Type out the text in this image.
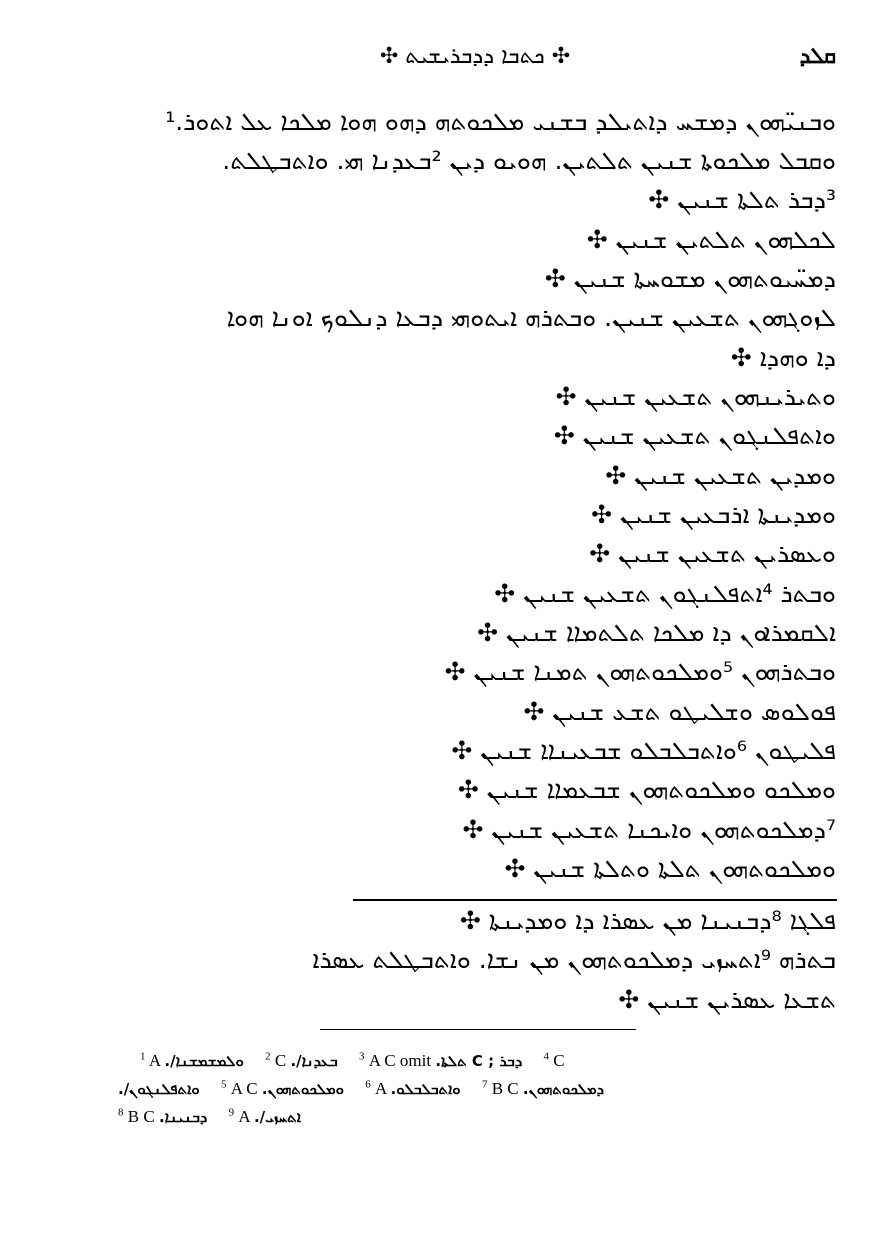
✣ ܟܬܒܐ ܕܕܒܪܝܫܝܬ ✣	ܩܠܕ
ܘܒܢܝ̈ܗܘܢ ܕܡܫܚ ܕܐܬܝܠܕ ܒܫܢܝ ܡܠܟܘܬܗ ܕܗܘ ܗܘܐ ܡܠܟܐ ܥܠ ܐܬܘܪ.¹
ܘܩܒܠ ܡܠܟܘܬܐ ܫܢܝܢ ܬܠܬܝܢ. ܗܘܝܘ ܕܝܢ ²ܒܥܕܢܐ ܗܝ. ܘܐܬܒܛܠܬ.
³ܕܒܪ ܬܠܬܐ ܫܢܝܢ ✣
ܠܟܠܗܘܢ ܬܠܬܝܢ ܫܢܝܢ ✣
ܕܡܚ̈ܝܘܬܗܘܢ ܡܫܘܚܬܐ ܫܢܝܢ ✣
ܠܙܘܓܗܘܢ ܬܫܥܝܢ ܫܢܝܢ. ܘܒܬܪܗ ܐܝܬܘܗܝ ܕܒܥܐ ܕܢܠܘܟ ܐܘܢܐ ܗܘܐ
ܕܐ ܘܗܕܐ ✣
ܘܬܝܪܝܢܗܘܢ ܬܫܥܝܢ ܫܢܝܢ ✣
ܘܐܬܦܠܢܓܘܢ ܬܫܥܝܢ ܫܢܝܢ ✣
ܘܡܕܝܢ ܬܫܥܝܢ ܫܢܝܢ ✣
ܘܡܕܝܢܬܐ ܐܪܒܥܝܢ ܫܢܝܢ ✣
ܘܥܣܪܝܢ ܬܫܥܝܢ ܫܢܝܢ ✣
ܘܒܬܪ ⁴ܐܬܦܠܢܓܘܢ ܬܫܥܝܢ ܫܢܝܢ ✣
ܐܠܩܡܪܐܘܢ ܕܐ ܡܠܟܐ ܬܠܬܡܐܐ ܫܢܝܢ ✣
ܘܒܬܪܗܘܢ ⁵ܘܡܠܟܘܬܗܘܢ ܬܡܢܐ ܫܢܝܢ ✣
ܦܘܠܘܣ ܘܫܠܝܛܘ ܬܫܥ ܫܢܝܢ ✣
ܦܠܝܛܘܢ ⁶ܘܐܬܒܠܒܠܘ ܫܒܥܝܢܐܐ ܫܢܝܢ ✣
ܘܡܠܟܘ ܘܡܠܟܘܬܗܘܢ ܫܒܥܡܐܐ ܫܢܝܢ ✣
⁷ܕܡܠܟܘܬܗܘܢ ܘܐܝܟܢܐ ܬܫܥܝܢ ܫܢܝܢ ✣
ܘܡܠܟܘܬܗܘܢ ܬܠܬܐ ܘܬܠܬܐ ܫܢܝܢ ✣
ܦܠܓܐ ⁸ܕܒܢܝܢܐ ܡܢ ܥܣܪܐ ܕܐ ܘܡܕܝܢܬܐ ✣
ܒܬܪܗ ⁹ܐܬܚܙܝ ܕܡܠܟܘܬܗܘܢ ܡܢ ܢܫܐ. ܘܐܬܒܛܠܬ ܥܣܪܐ
ܬܫܥܐ ܥܣܪܝܢ ܫܢܝܢ ✣
$^1$ A ܘܠܡܫܡܫܢܐ/. $^2$ C ܒܥܕܢܐ/. $^3$ A C omit ܕܒܪ ; C ܬܠܬܐ. $^4$ C
ܘܐܬܦܠܢܓܘܢ/. $^5$ A C ܘܡܠܟܘܬܗܘܢ. $^6$ A ܘܐܬܒܠܒܠܘ. $^7$ B C ܕܡܠܟܘܬܗܘܢ.
$^8$ B C ܕܒܢܝܢܐ. $^9$ A ܐܬܚܙܝ/.
